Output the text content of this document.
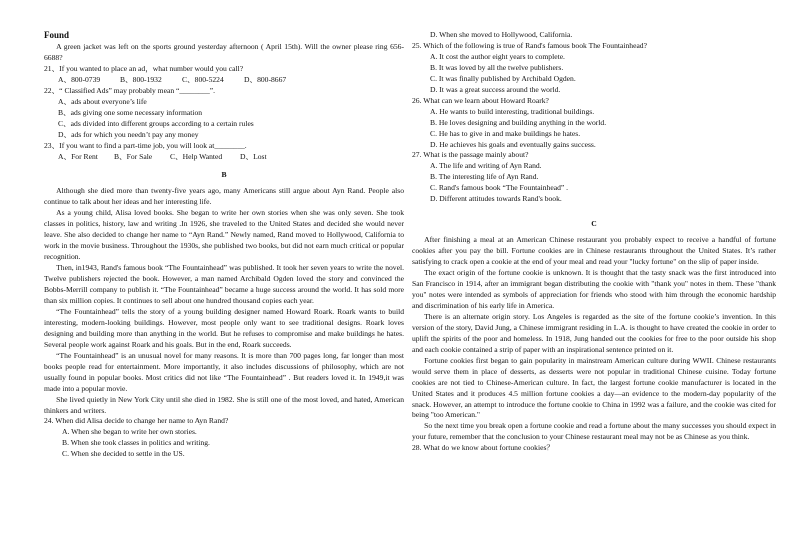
Found

A green jacket was left on the sports ground yesterday afternoon ( April 15th). Will the owner please ring 656-6688?

21、If you wanted to place an ad，what number would you call?

A、800-0739	B、800-1932	C、800-5224	D、800-8667

22、“ Classified Ads” may probably mean “________”.

A、ads about everyone’s life

B、ads giving one some necessary information

C、ads divided into different groups according to a certain rules

D、ads for which you needn’t pay any money

23、If you want to find a part-time job, you will look at________.

A、For Rent	B、For Sale	C、Help Wanted	D、Lost

B

Although she died more than twenty-five years ago, many Americans still argue about Ayn Rand. People also continue to talk about her ideas and her interesting life.

As a young child, Alisa loved books. She began to write her own stories when she was only seven. She took classes in politics, history, law and writing .In 1926, she traveled to the United States and decided she would never leave. She also decided to change her name to “Ayn Rand.” Newly named, Rand moved to Hollywood, California to work in the movie business. Throughout the 1930s, she published two books, but did not earn much critical or popular recognition.

Then, in1943, Rand's famous book “The Fountainhead” was published. It took her seven years to write the novel. Twelve publishers rejected the book. However, a man named Archibald Ogden loved the story and convinced the Bobbs-Merrill company to publish it. “The Fountainhead” became a huge success around the world. It has sold more than six million copies. It continues to sell about one hundred thousand copies each year.

“The Fountainhead” tells the story of a young building designer named Howard Roark. Roark wants to build interesting, modern-looking buildings. However, most people only want to see traditional designs. Roark loves designing and building more than anything in the world. But he refuses to compromise and make buildings he hates. Several people work against Roark and his goals. But in the end, Roark succeeds.

“The Fountainhead” is an unusual novel for many reasons. It is more than 700 pages long, far longer than most books people read for entertainment. More importantly, it also includes discussions of philosophy, which are not usually found in popular books. Most critics did not like “The Fountainhead” . But readers loved it. In 1949,it was made into a popular movie.

She lived quietly in New York City until she died in 1982. She is still one of the most loved, and hated, American thinkers and writers.

24. When did Alisa decide to change her name to Ayn Rand?

A. When she began to write her own stories.

B. When she took classes in politics and writing.

C. When she decided to settle in the US.

D. When she moved to Hollywood, California.

25. Which of the following is true of Rand's famous book The Fountainhead?

A. It cost the author eight years to complete.

B. It was loved by all the twelve publishers.

C. It was finally published by Archibald Ogden.

D. It was a great success around the world.

26. What can we learn about Howard Roark?

A. He wants to build interesting, traditional buildings.

B. He loves designing and building anything in the world.

C. He has to give in and make buildings he hates.

D. He achieves his goals and eventually gains success.

27. What is the passage mainly about?

A. The life and writing of Ayn Rand.

B. The interesting life of Ayn Rand.

C. Rand's famous book “The Fountainhead” .

D. Different attitudes towards Rand's book.

C

After finishing a meal at an American Chinese restaurant you probably expect to receive a handful of fortune cookies after you pay the bill. Fortune cookies are in Chinese restaurants throughout the United States. It’s rather satisfying to crack open a cookie at the end of your meal and read your "lucky fortune" on the slip of paper inside.

The exact origin of the fortune cookie is unknown. It is thought that the tasty snack was the first introduced into San Francisco in 1914, after an immigrant began distributing the cookie with "thank you" notes in them. These "thank you" notes were intended as symbols of appreciation for friends who stood with him through the economic hardship and discrimination of his early life in America.

There is an alternate origin story. Los Angeles is regarded as the site of the fortune cookie’s invention. In this version of the story, David Jung, a Chinese immigrant residing in L.A. is thought to have created the cookie in order to uplift the spirits of the poor and homeless. In 1918, Jung handed out the cookies for free to the poor outside his shop and each cookie contained a strip of paper with an inspirational sentence printed on it.

Fortune cookies first began to gain popularity in mainstream American culture during WWII. Chinese restaurants would serve them in place of desserts, as desserts were not popular in traditional Chinese cuisine. Today fortune cookies are not tied to Chinese-American culture. In fact, the largest fortune cookie manufacturer is located in the United States and it produces 4.5 million fortune cookies a day—an evidence to the modern-day popularity of the snack. However, an attempt to introduce the fortune cookie to China in 1992 was a failure, and the cookie was cited for being "too American."

So the next time you break open a fortune cookie and read a fortune about the many successes you should expect in your future, remember that the conclusion to your Chinese restaurant meal may not be as Chinese as you think.

28. What do we know about fortune cookies？
